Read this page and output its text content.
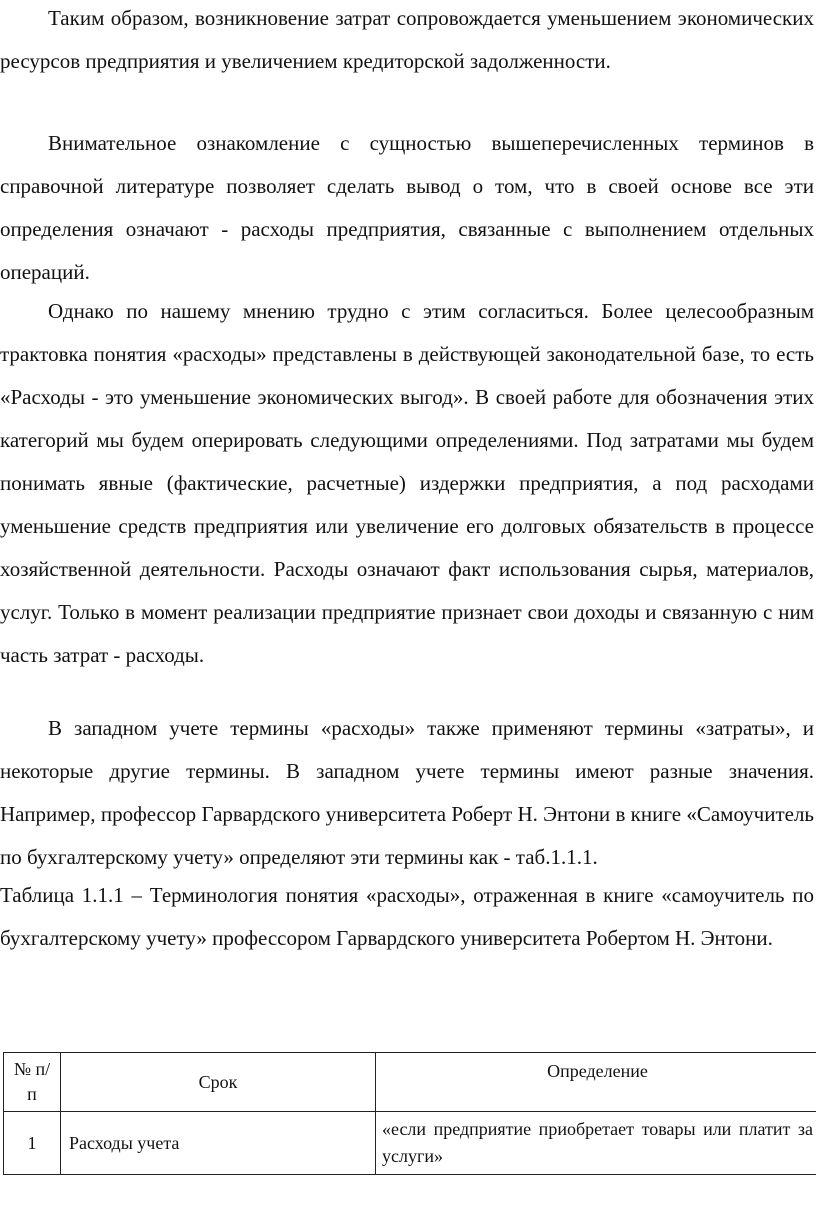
Таким образом, возникновение затрат сопровождается уменьшением экономических ресурсов предприятия и увеличением кредиторской задолженности.

Внимательное ознакомление с сущностью вышеперечисленных терминов в справочной литературе позволяет сделать вывод о том, что в своей основе все эти определения означают - расходы предприятия, связанные с выполнением отдельных операций.

Однако по нашему мнению трудно с этим согласиться. Более целесообразным трактовка понятия «расходы» представлены в действующей законодательной базе, то есть «Расходы - это уменьшение экономических выгод». В своей работе для обозначения этих категорий мы будем оперировать следующими определениями. Под затратами мы будем понимать явные (фактические, расчетные) издержки предприятия, а под расходами уменьшение средств предприятия или увеличение его долговых обязательств в процессе хозяйственной деятельности. Расходы означают факт использования сырья, материалов, услуг. Только в момент реализации предприятие признает свои доходы и связанную с ним часть затрат - расходы.

В западном учете термины «расходы» также применяют термины «затраты», и некоторые другие термины. В западном учете термины имеют разные значения. Например, профессор Гарвардского университета Роберт Н. Энтони в книге «Самоучитель по бухгалтерскому учету» определяют эти термины как - таб.1.1.1.

Таблица 1.1.1 – Терминология понятия «расходы», отраженная в книге «самоучитель по бухгалтерскому учету» профессором Гарвардского университета Робертом Н. Энтони.

№ п/п	Срок	Определение
1	Расходы учета	«если предприятие приобретает товары или платит за услуги»
